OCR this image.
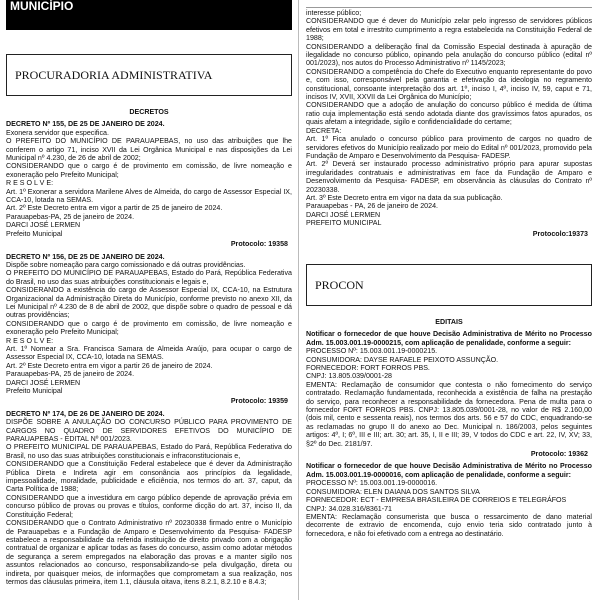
MUNICÍPIO
PROCURADORIA ADMINISTRATIVA
DECRETOS

DECRETO Nº 155, DE 25 DE JANEIRO DE 2024.

Exonera servidor que especifica.

O PREFEITO DO MUNICÍPIO DE PARAUAPEBAS, no uso das atribuições que lhe conferem o artigo 71, inciso XVII da Lei Orgânica Municipal e nas disposições da Lei Municipal nº 4.230, de 26 de abril de 2002;

CONSIDERANDO que o cargo é de provimento em comissão, de livre nomeação e exoneração pelo Prefeito Municipal;

R E S O L V E:

Art. 1º Exonerar a servidora Marilene Alves de Almeida, do cargo de Assessor Especial IX, CCA-10, lotada na SEMAS.

Art. 2º Este Decreto entra em vigor a partir de 25 de janeiro de 2024.

Parauapebas-PA, 25 de janeiro de 2024.

DARCI JOSÉ LERMEN

Prefeito Municipal

Protocolo: 19358

DECRETO Nº 156, DE 25 DE JANEIRO DE 2024.

Dispõe sobre nomeação para cargo comissionado e dá outras providências.

O PREFEITO DO MUNICÍPIO DE PARAUAPEBAS, Estado do Pará, República Federativa do Brasil, no uso das suas atribuições constitucionais e legais e,

CONSIDERANDO a existência do cargo de Assessor Especial IX, CCA-10, na Estrutura Organizacional da Administração Direta do Município, conforme previsto no anexo XII, da Lei Municipal nº 4.230 de 8 de abril de 2002, que dispõe sobre o quadro de pessoal e dá outras providências;

CONSIDERANDO que o cargo é de provimento em comissão, de livre nomeação e exoneração pelo Prefeito Municipal;

R E S O L V E:

Art. 1º Nomear a Sra. Francisca Samara de Almeida Araújo, para ocupar o cargo de Assessor Especial IX, CCA-10, lotada na SEMAS.

Art. 2º Este Decreto entra em vigor a partir 26 de janeiro de 2024.

Parauapebas-PA, 25 de janeiro de 2024.

DARCI JOSÉ LERMEN

Prefeito Municipal

Protocolo: 19359

DECRETO Nº 174, DE 26 DE JANEIRO DE 2024.

DISPÕE SOBRE A ANULAÇÃO DO CONCURSO PÚBLICO PARA PROVIMENTO DE CARGOS NO QUADRO DE SERVIDORES EFETIVOS DO MUNICÍPIO DE PARAUAPEBAS - EDITAL Nº 001/2023.

O PREFEITO MUNICIPAL DE PARAUAPEBAS, Estado do Pará, República Federativa do Brasil, no uso das suas atribuições constitucionais e infraconstitucionais e,

CONSIDERANDO que a Constituição Federal estabelece que é dever da Administração Pública Direta e Indireta agir em consonância aos princípios da legalidade, impessoalidade, moralidade, publicidade e eficiência, nos termos do art. 37, caput, da Carta Política de 1988;

CONSIDERANDO que a investidura em cargo público depende de aprovação prévia em concurso público de provas ou provas e títulos, conforme dicção do art. 37, inciso II, da Constituição Federal;

CONSIDERANDO que o Contrato Administrativo nº 20230338 firmado entre o Município de Parauapebas e a Fundação de Amparo e Desenvolvimento da Pesquisa- FADESP estabelece a responsabilidade da referida instituição de direito privado com a obrigação contratual de organizar e aplicar todas as fases do concurso, assim como adotar métodos de segurança a serem empregados na elaboração das provas e a manter sigilo nos assuntos relacionados ao concurso, responsabilizando-se pela divulgação, direta ou indireta, por quaisquer meios, de informações que comprometam a sua realização, nos termos das cláusulas primeira, item 1.1, cláusula oitava, itens 8.2.1, 8.2.10 e 8.4.3;

interesse público;

CONSIDERANDO que é dever do Município zelar pelo ingresso de servidores públicos efetivos em total e irrestrito cumprimento a regra estabelecida na Constituição Federal de 1988;

CONSIDERANDO a deliberação final da Comissão Especial destinada à apuração de ilegalidade no concurso público, opinando pela anulação do concurso público (edital nº 001/2023), nos autos do Processo Administrativo nº 1145/2023;

CONSIDERANDO a competência do Chefe do Executivo enquanto representante do povo e, com isso, corresponsável pela garantia e efetivação da ideologia no regramento constitucional, consoante interpretação dos art. 1º, inciso I, 4º, inciso IV, 59, caput e 71, incisos IV, XVII, XXVII da Lei Orgânica do Município;

CONSIDERANDO que a adoção de anulação do concurso público é medida de última ratio cuja implementação está sendo adotada diante dos gravíssimos fatos apurados, os quais afetam a integridade, sigilo e confidencialidade do certame;

DECRETA:

Art. 1º Fica anulado o concurso público para provimento de cargos no quadro de servidores efetivos do Município realizado por meio do Edital nº 001/2023, promovido pela Fundação de Amparo e Desenvolvimento da Pesquisa- FADESP.

Art. 2º Deverá ser instaurado processo administrativo próprio para apurar supostas irregularidades contratuais e administrativas em face da Fundação de Amparo e Desenvolvimento da Pesquisa- FADESP, em observância às cláusulas do Contrato nº 20230338.

Art. 3º Este Decreto entra em vigor na data da sua publicação.

Parauapebas - PA, 26 de janeiro de 2024.

DARCI JOSÉ LERMEN

PREFEITO MUNICIPAL

Protocolo:19373

PROCON
EDITAIS

Notificar o fornecedor de que houve Decisão Administrativa de Mérito no Processo Adm. 15.003.001.19-0000215, com aplicação de penalidade, conforme a seguir:

PROCESSO Nº: 15.003.001.19-0000215.

CONSUMIDORA: DAYSE RAFAELE PEIXOTO ASSUNÇÃO.

FORNECEDOR: FORT FORROS PBS.

CNPJ: 13.805.039/0001-28

EMENTA: Reclamação de consumidor que contesta o não fornecimento do serviço contratado. Reclamação fundamentada, reconhecida a existência de falha na prestação do serviço, para reconhecer a responsabilidade da fornecedora. Pena de multa para o fornecedor FORT FORROS PBS. CNPJ: 13.805.039/0001-28, no valor de R$ 2.160,00 (dois mil, cento e sessenta reais), nos termos dos arts. 56 e 57 do CDC, enquadrando-se as reclamadas no grupo II do anexo ao Dec. Municipal n. 186/2003, pelos seguintes artigos: 4º, I; 6º, III e III; art. 30; art. 35, I, II e III; 39, V todos do CDC e art. 22, IV, XV; 33, §2º do Dec. 2181/97.

Protocolo: 19362

Notificar o fornecedor de que houve Decisão Administrativa de Mérito no Processo Adm. 15.003.001.19-0000016, com aplicação de penalidade, conforme a seguir:

PROCESSO Nº: 15.003.001.19-0000016.

CONSUMIDORA: ELEN DAIANA DOS SANTOS SILVA

FORNECEDOR: ECT - EMPRESA BRASILEIRA DE CORREIOS E TELEGRÁFOS

CNPJ: 34.028.316/8361-71

EMENTA: Reclamação consumerista que busca o ressarcimento de dano material decorrente de extravio de encomenda, cujo envio teria sido contratado junto à fornecedora, e não foi efetivado com a entrega ao destinatário.
